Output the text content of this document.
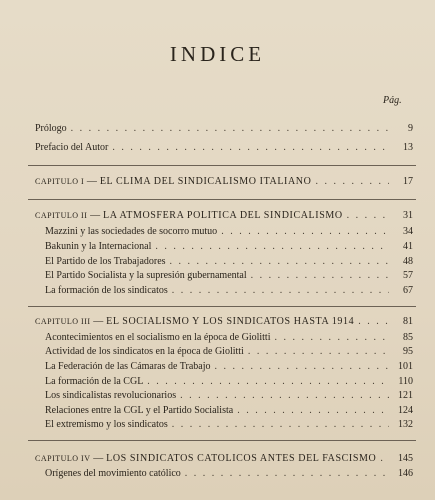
INDICE
Pág.
Prólogo . . .	9
Prefacio del Autor . . .	13
CAPITULO I — EL CLIMA DEL SINDICALISMO ITALIANO . . .	17
CAPITULO II — LA ATMOSFERA POLITICA DEL SINDICALISMO . . .	31
Mazzini y las sociedades de socorro mutuo . . .	34
Bakunin y la Internacional . . .	41
El Partido de los Trabajadores . . .	48
El Partido Socialista y la supresión gubernamental . . .	57
La formación de los sindicatos . . .	67
CAPITULO III — EL SOCIALISMO Y LOS SINDICATOS HASTA 1914 . . .	81
Acontecimientos en el socialismo en la época de Giolitti . . .	85
Actividad de los sindicatos en la época de Giolitti . . .	95
La Federación de las Cámaras de Trabajo . . .	101
La formación de la CGL . . .	110
Los sindicalistas revolucionarios . . .	121
Relaciones entre la CGL y el Partido Socialista . . .	124
El extremismo y los sindicatos . . .	132
CAPITULO IV — LOS SINDICATOS CATOLICOS ANTES DEL FASCISMO . . .	145
Orígenes del movimiento católico . . .	146
